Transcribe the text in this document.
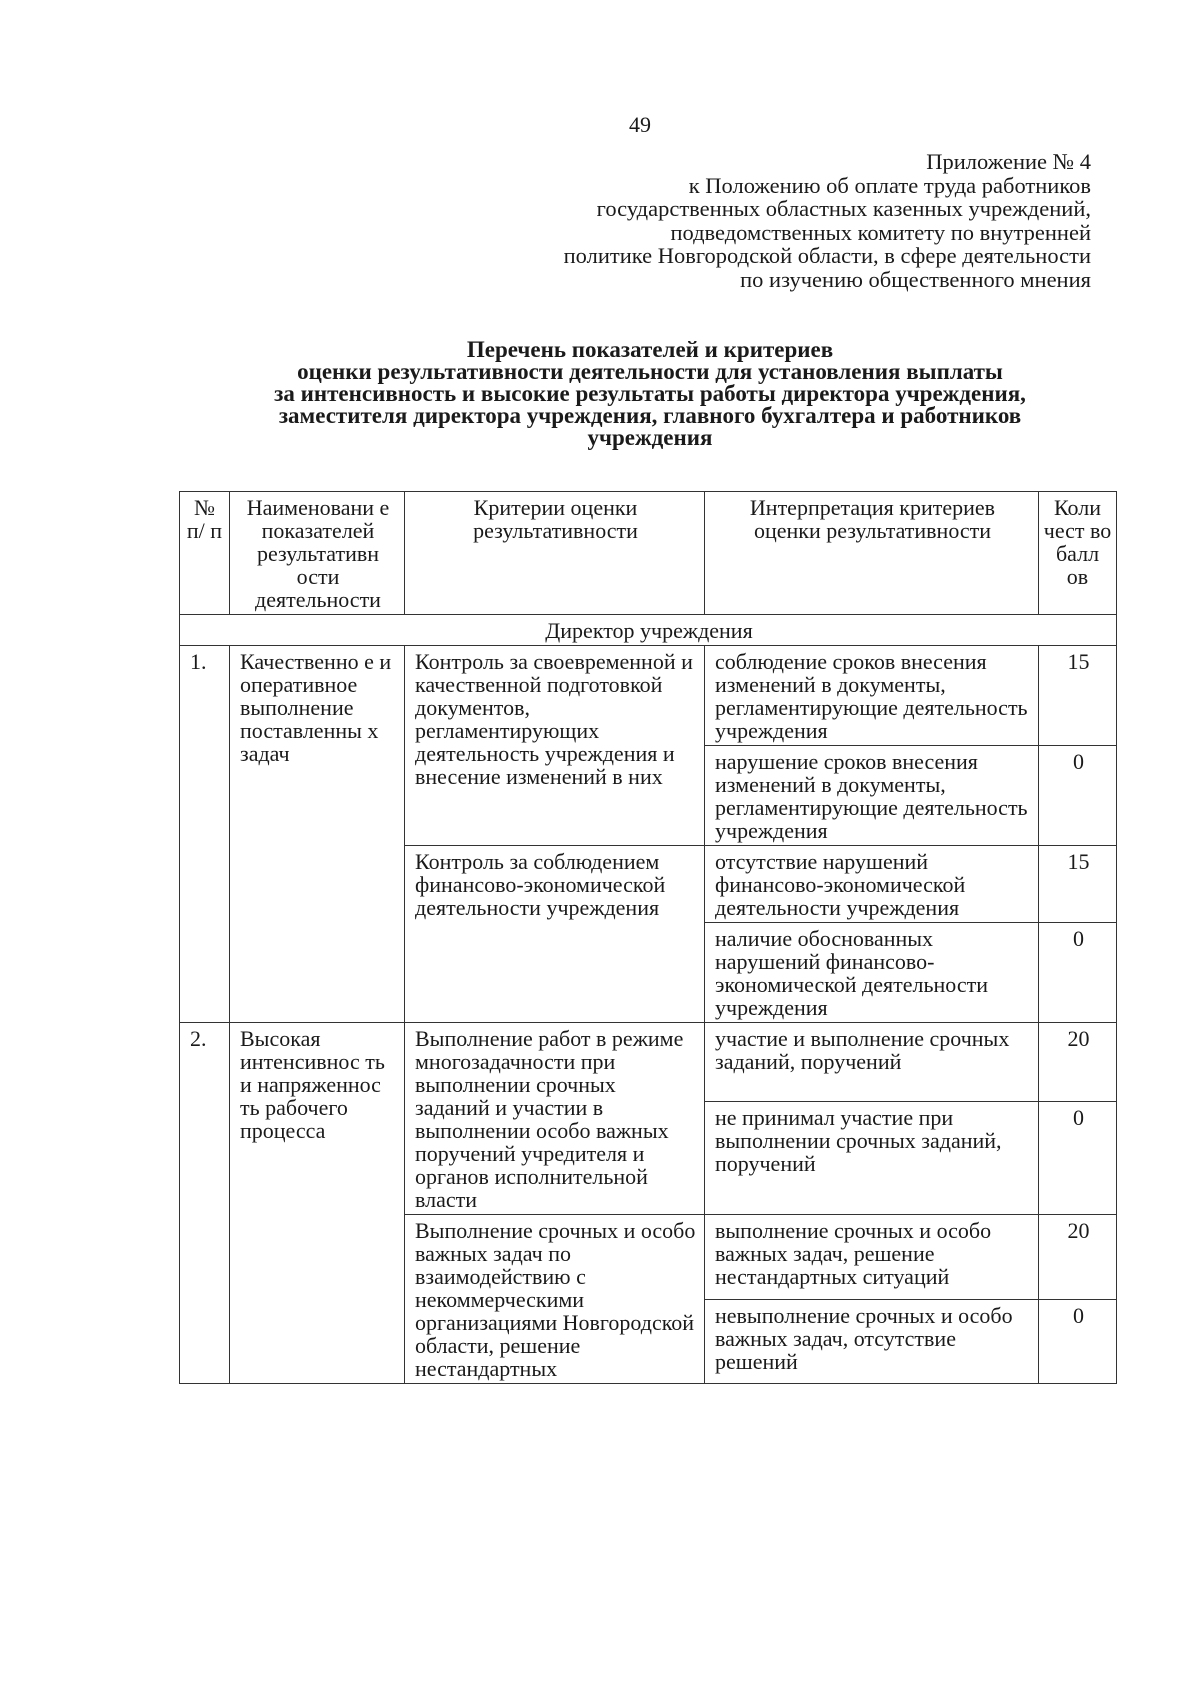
49
Приложение № 4
к Положению об оплате труда работников
государственных областных казенных учреждений,
подведомственных комитету по внутренней
политике Новгородской области, в сфере деятельности
по изучению общественного мнения
Перечень показателей и критериев
оценки результативности деятельности для установления выплаты
за интенсивность и высокие результаты работы директора учреждения,
заместителя директора учреждения, главного бухгалтера и работников
учреждения
№ п/ п	Наименовани е показателей результативн ости деятельности	Критерии оценки результативности	Интерпретация критериев оценки результативности	Коли чест во балл ов
Директор учреждения				
1.	Качественно е и оперативное выполнение поставленны х задач	Контроль за своевременной и качественной подготовкой документов, регламентирующих деятельность учреждения и внесение изменений в них	соблюдение сроков внесения изменений в документы, регламентирующие деятельность учреждения	15
			нарушение сроков внесения изменений в документы, регламентирующие деятельность учреждения	0
		Контроль за соблюдением финансово-экономической деятельности учреждения	отсутствие нарушений финансово-экономической деятельности учреждения	15
			наличие обоснованных нарушений финансово-экономической деятельности учреждения	0
2.	Высокая интенсивнос ть и напряженнос ть рабочего процесса	Выполнение работ в режиме многозадачности при выполнении срочных заданий и участии в выполнении особо важных поручений учредителя и органов исполнительной власти	участие и выполнение срочных заданий, поручений	20
			не принимал участие при выполнении срочных заданий, поручений	0
		Выполнение срочных и особо важных задач по взаимодействию с некоммерческими организациями Новгородской области, решение нестандартных	выполнение срочных и особо важных задач, решение нестандартных ситуаций	20
			невыполнение срочных и особо важных задач, отсутствие решений	0
